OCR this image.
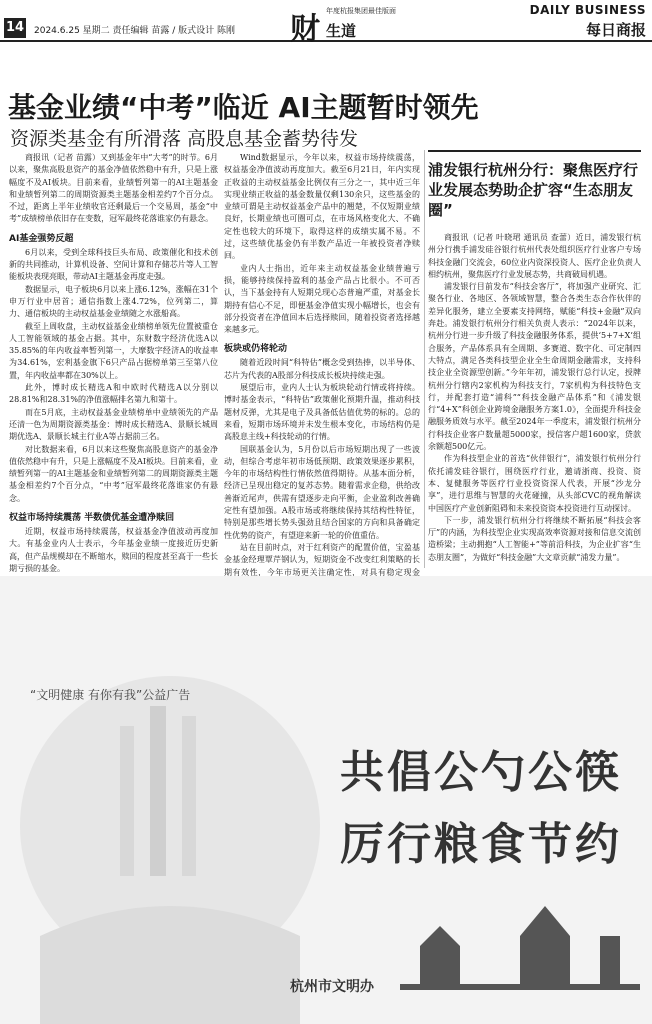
14 2024.6.25 星期二 责任编辑 苗露 / 版式设计 陈刚 财
年度杭报集团最佳版面
生道
DAILY BUSINESS
每日商报
基金业绩“中考”临近 AI主题暂时领先
资源类基金有所滑落 高股息基金蓄势待发

商报讯（记者 苗露）又到基金年中“大考”的时节。6月以来，聚焦高股息资产的基金净值依然稳中有升，只是上涨幅度不及AI板块。目前来看，业绩暂列第一的AI主题基金和业绩暂列第二的周期资源类主题基金相差约7个百分点。不过，距离上半年业绩收官还剩最后一个交易周，基金“中考”成绩榜单依旧存在变数，冠军最终花落谁家仍有悬念。

AI基金强势反超

6月以来，受到全球科技巨头布局、政策催化和技术创新的共同推动，计算机设备、空间计算和存储芯片等人工智能板块表现亮眼，带动AI主题基金再度走强。

数据显示，电子板块6月以来上涨6.12%，涨幅在31个申万行业中居首；通信指数上涨4.72%，位列第二，算力、通信板块的主动权益基金业绩随之水涨船高。

截至上周收盘，主动权益基金业绩榜单领先位置被重仓人工智能领域的基金占据。其中，东财数字经济优选A以35.85%的年内收益率暂列第一，大摩数字经济A的收益率为34.61%，宏利基金旗下6只产品占据榜单第三至第八位置，年内收益率都在30%以上。

此外，博时成长精选A和中欧时代精选A以分别以28.81%和28.31%的净值涨幅排名第九和第十。

而在5月底，主动权益基金业绩榜单中业绩领先的产品还清一色为周期资源类基金：博时成长精选A、景顺长城周期优选A、景顺长城主行业A等占据前三名。

对比数据来看，6月以来这些聚焦高股息资产的基金净值依然稳中有升，只是上涨幅度不及AI板块。目前来看，业绩暂列第一的AI主题基金和业绩暂列第二的周期资源类主题基金相差约7个百分点，“中考”冠军最终花落谁家仍有悬念。

权益市场持续震荡 半数债优基金遭净赎回

近期，权益市场持续震荡，权益基金净值波动再度加大。有基金业内人士表示，今年基金业绩一度接近历史新高，但产品规模却在不断缩水，赎回的程度甚至高于一些长期亏损的基金。

Wind数据显示，今年以来，权益市场持续震荡，权益基金净值波动再度加大。截至6月21日，年内实现正收益的主动权益基金比例仅有三分之一，其中近三年实现业绩正收益的基金数量仅剩130余只，这些基金的业绩可谓是主动权益基金产品中的翘楚，不仅短期业绩良好，长期业绩也可圈可点，在市场风格变化大、不确定性也较大的环境下，取得这样的成绩实属不易。不过，这些绩优基金仍有半数产品近一年被投资者净赎回。

业内人士指出，近年来主动权益基金业绩普遍亏损，能够持续保持盈利的基金产品占比很小。不可否认，当下基金持有人短期兑现心态普遍严重，对基金长期持有信心不足，即便基金净值实现小幅增长，也会有部分投资者在净值回本后选择赎回，随着投资者选择越来越多元。

板块或仍将轮动

随着近段时间“科特估”概念受到热捧，以半导体、芯片为代表的A股部分科技成长板块持续走强。

展望后市，业内人士认为板块轮动行情或将持续。博时基金表示，“科特估”政策催化预期升温，推动科技题材反弹，尤其是电子及具备低估值优势的标的。总的来看，短期市场环境并未发生根本变化，市场结构仍是高股息主线+科技轮动的行情。

国联基金认为，5月份以后市场短期出现了一些波动，但综合考虑年初市场低预期、政策效果逐步累积，今年的市场结构性行情依然值得期待。从基本面分析，经济已呈现出稳定的复苏态势。随着需求企稳，供给改善渐近尾声，供需有望逐步走向平衡，企业盈利改善确定性有望加强。A股市场或将继续保持其结构性特征，特别是那些增长势头强劲且结合国家的方向和具备确定性优势的资产，有望迎来新一轮的价值重估。

站在目前时点，对于红利资产的配置价值，宝盈基金基金经理覃芹钢认为，短期资金不改变红利策略的长期有效性，今年市场更关注确定性，对具有稳定现金

浦发银行杭州分行：聚焦医疗行业发展态势助企扩容“生态朋友圈”

商报讯（记者 叶晓珺 通讯员 查蕾）近日，浦发银行杭州分行携手浦发硅谷银行杭州代表处组织医疗行业客户专场科技金融门交流会，60位业内资深投资人、医疗企业负责人相约杭州，聚焦医疗行业发展态势，共商破局机遇。

浦发银行目前发布“科技会客厅”，将加强产业研究、汇聚各行业、各地区、各领域智慧，整合各类生态合作伙伴的差异化服务，建立全要素支持网络，赋能“科技+金融”双向奔赴。浦发银行杭州分行相关负责人表示：“2024年以来，杭州分行进一步升级了科技金融服务体系，提供‘5+7+X’组合服务，产品体系具有全周期、多赛道、数字化、可定制四大特点，满足各类科技型企业全生命周期金融需求，支持科技企业全资源型创新。”今年年初，浦发银行总行认定，授牌杭州分行辖内2家机构为科技支行，7家机构为科技特色支行，并配套打造“浦科”“科技金融产品体系”和《浦发银行“4+X”科创企业跨境金融服务方案1.0》，全面提升科技金融服务质效与水平。截至2024年一季度末，浦发银行杭州分行科技企业客户数量超5000家，授信客户超1600家，贷款余额超500亿元。

作为科技型企业的首选“伙伴银行”，浦发银行杭州分行依托浦发硅谷银行，围绕医疗行业，邀请浙商、投资、资本、复健服务等医疗行业投资资深人代表，开展“沙龙分享”，进行思维与智慧的火花碰撞，从头部CVC的视角解读中国医疗产业创新阻碍和未来投资资本投资进行互动探讨。

下一步，浦发银行杭州分行将继续不断拓展“科技会客厅”的内涵，为科技型企业实现高效率资源对接和信息交流创造桥梁；主动拥抱“人工智能+”等前沿科技，为企业扩容“生态朋友圈”，为做好“科技金融”大文章贡献“浦发力量”。

“文明健康 有你有我”公益广告
共倡公勺公筷
厉行粮食节约
杭州市文明办
